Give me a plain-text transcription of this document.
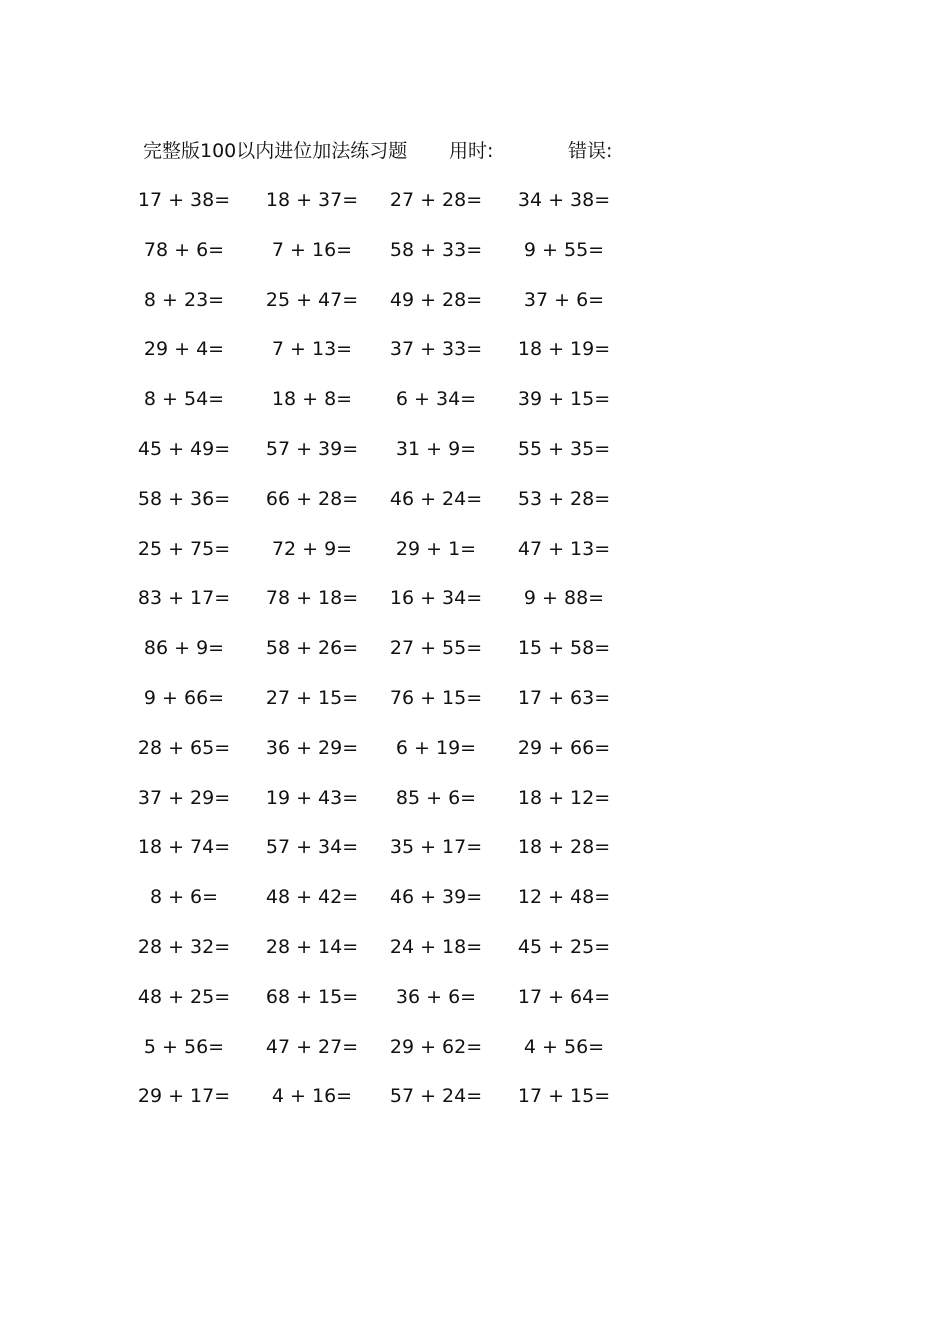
完整版100以内进位加法练习题 用时:	错误:
17 + 38= 18 + 37= 27 + 28= 34 + 38=
78 + 6=	7 + 16=	58 + 33=	9 + 55=
8 + 23=	25 + 47= 49 + 28=	37 + 6=
29 + 4=	7 + 13=	37 + 33= 18 + 19=
8 + 54=	18 + 8=	6 + 34=	39 + 15=
45 + 49= 57 + 39=	31 + 9=	55 + 35=
58 + 36= 66 + 28= 46 + 24= 53 + 28=
25 + 75=	72 + 9=	29 + 1=	47 + 13=
83 + 17= 78 + 18= 16 + 34=	9 + 88=
86 + 9=	58 + 26= 27 + 55= 15 + 58=
9 + 66=	27 + 15= 76 + 15= 17 + 63=
28 + 65= 36 + 29=	6 + 19=	29 + 66=
37 + 29= 19 + 43=	85 + 6=	18 + 12=
18 + 74= 57 + 34= 35 + 17= 18 + 28=
8 + 6=	48 + 42= 46 + 39= 12 + 48=
28 + 32= 28 + 14= 24 + 18= 45 + 25=
48 + 25= 68 + 15=	36 + 6=	17 + 64=
5 + 56=	47 + 27= 29 + 62=	4 + 56=
29 + 17=	4 + 16=	57 + 24= 17 + 15=
